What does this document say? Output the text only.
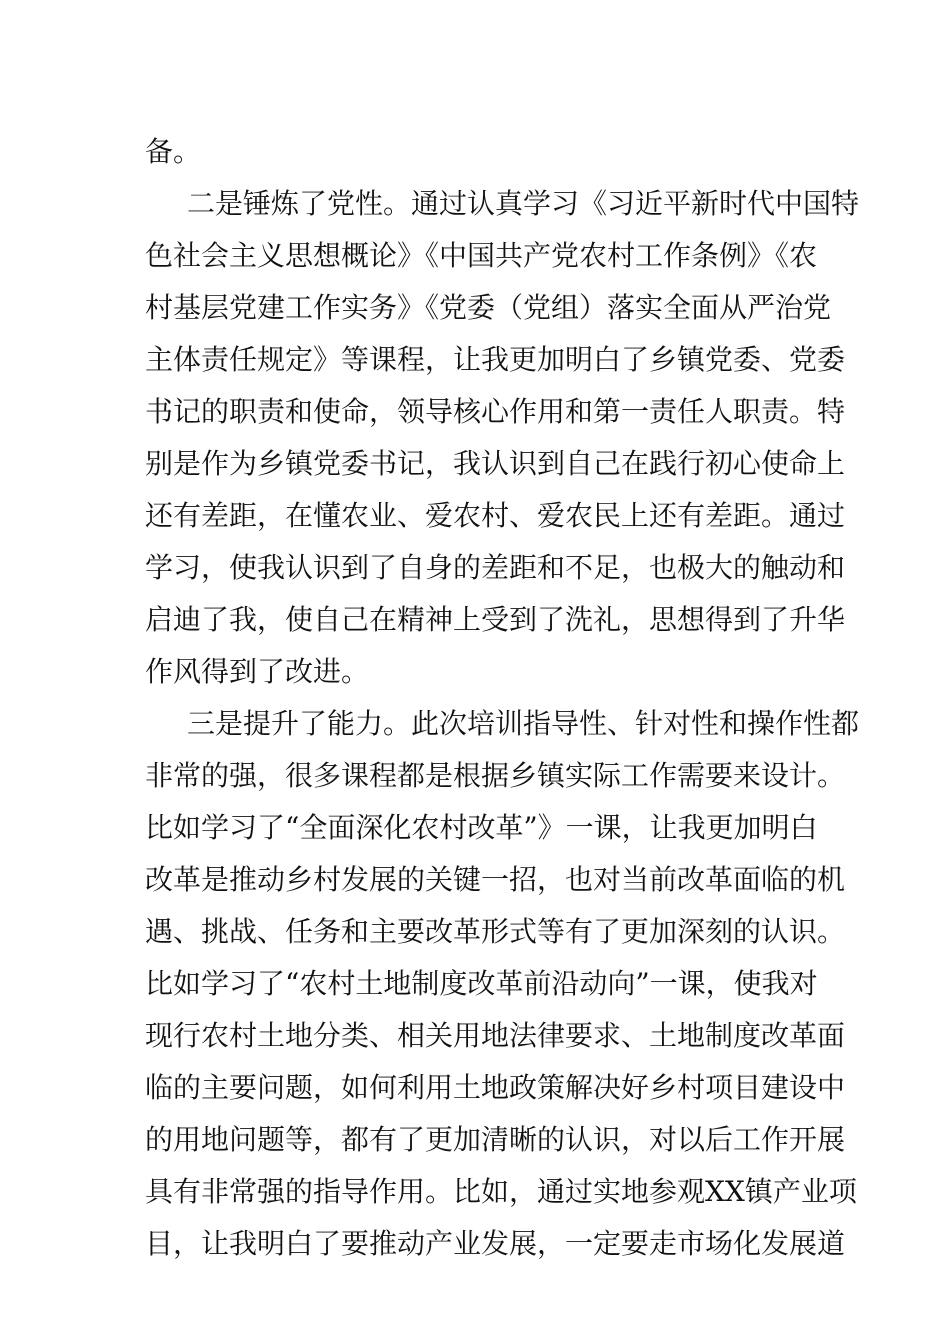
备。
二是锤炼了党性。通过认真学习《习近平新时代中国特
色社会主义思想概论》《中国共产党农村工作条例》《农
村基层党建工作实务》《党委（党组）落实全面从严治党
主体责任规定》等课程，让我更加明白了乡镇党委、党委
书记的职责和使命，领导核心作用和第一责任人职责。特
别是作为乡镇党委书记，我认识到自己在践行初心使命上
还有差距，在懂农业、爱农村、爱农民上还有差距。通过
学习，使我认识到了自身的差距和不足，也极大的触动和
启迪了我，使自己在精神上受到了洗礼，思想得到了升华
作风得到了改进。
三是提升了能力。此次培训指导性、针对性和操作性都
非常的强，很多课程都是根据乡镇实际工作需要来设计。
比如学习了“全面深化农村改革”》一课，让我更加明白
改革是推动乡村发展的关键一招，也对当前改革面临的机
遇、挑战、任务和主要改革形式等有了更加深刻的认识。
比如学习了“农村土地制度改革前沿动向”一课，使我对
现行农村土地分类、相关用地法律要求、土地制度改革面
临的主要问题，如何利用土地政策解决好乡村项目建设中
的用地问题等，都有了更加清晰的认识，对以后工作开展
具有非常强的指导作用。比如，通过实地参观XX镇产业项
目，让我明白了要推动产业发展，一定要走市场化发展道
